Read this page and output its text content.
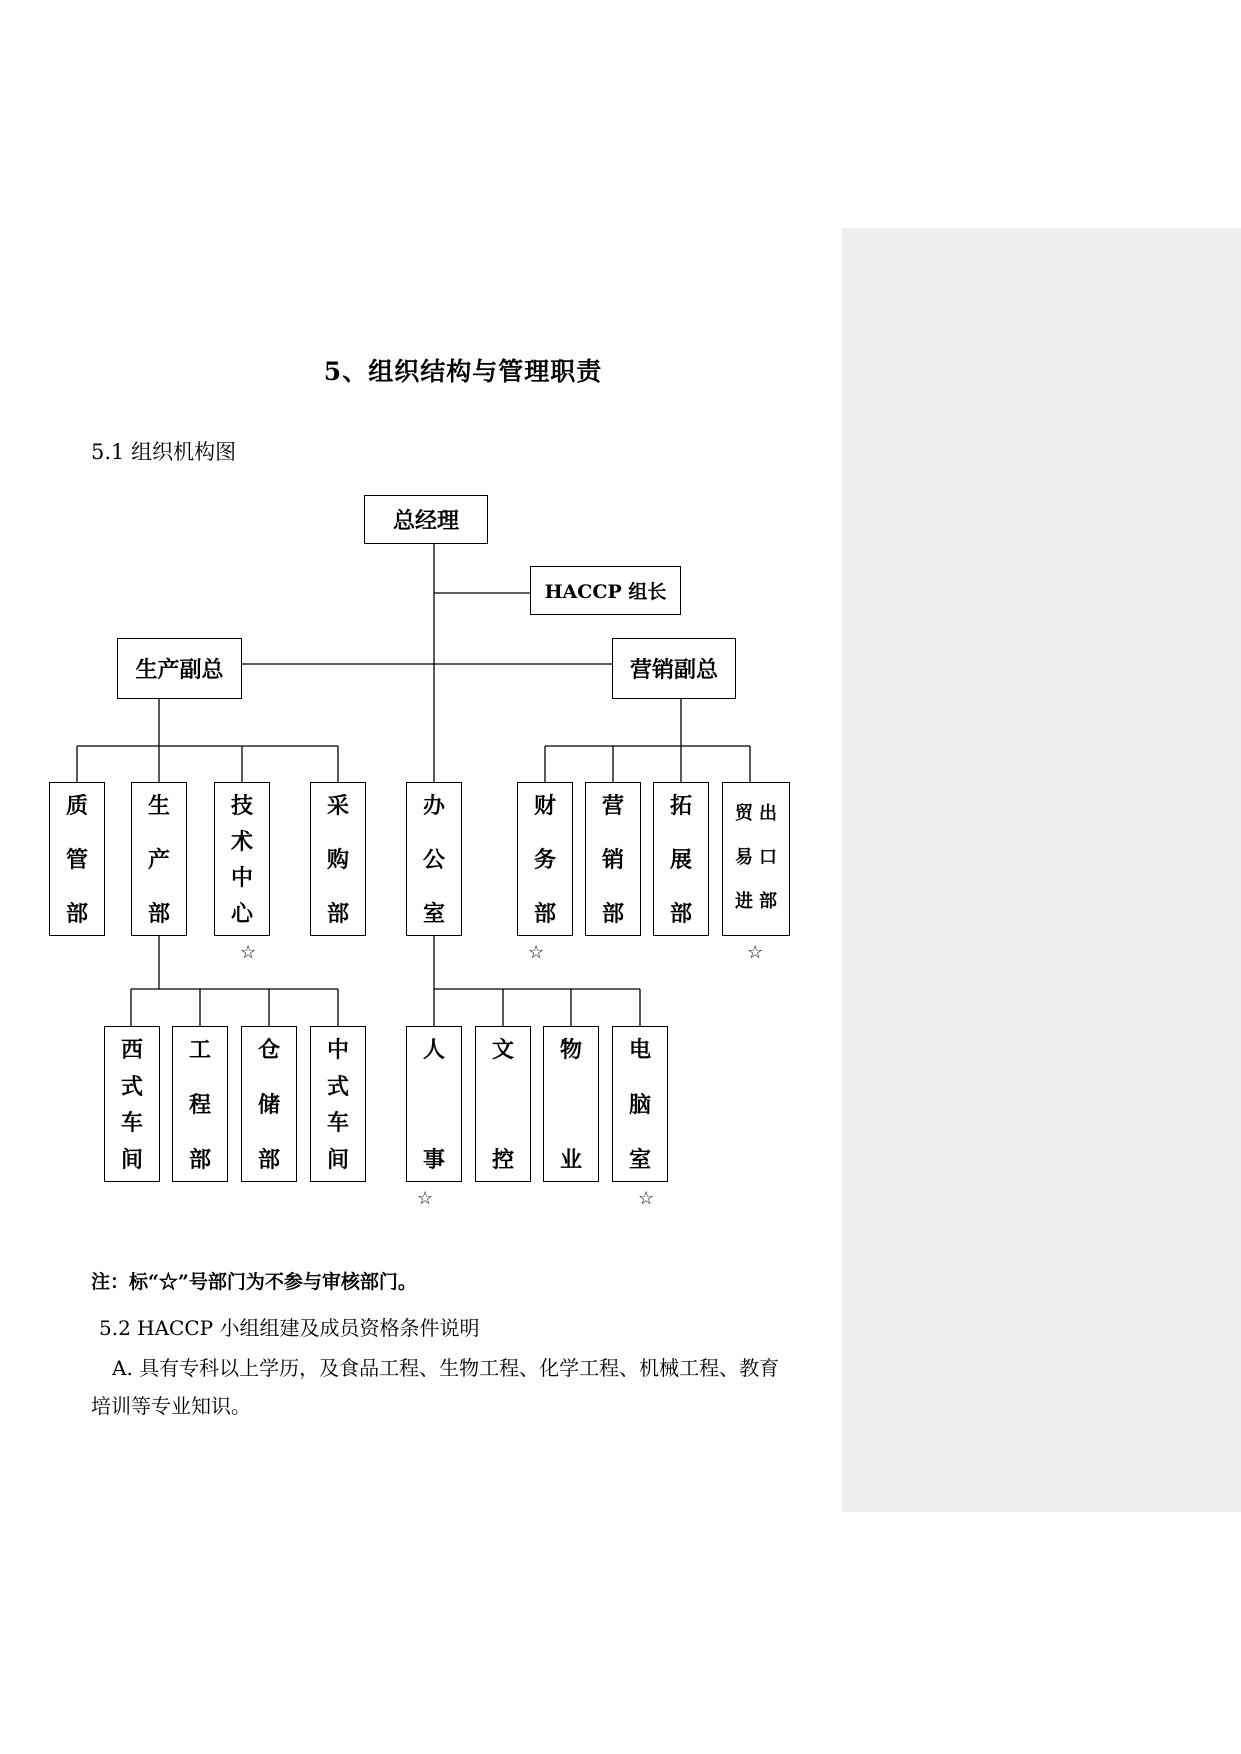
5、组织结构与管理职责
5.1 组织机构图
总经理
HACCP 组长
生产副总	营销副总
质
管
部
生
产
部
技
术
中
心
采
购
部
办
公
室
财
务
部
营
销
部
拓
展
部
贸
易
进
出
口
部
西
式
车
间
工
程
部
仓
储
部
中
式
车
间
人
事
文
控
物
业
电
脑
室
☆	☆	☆
☆	☆
注：标“☆”号部门为不参与审核部门。
5.2 HACCP 小组组建及成员资格条件说明
A. 具有专科以上学历，及食品工程、生物工程、化学工程、机械工程、教育
培训等专业知识。
